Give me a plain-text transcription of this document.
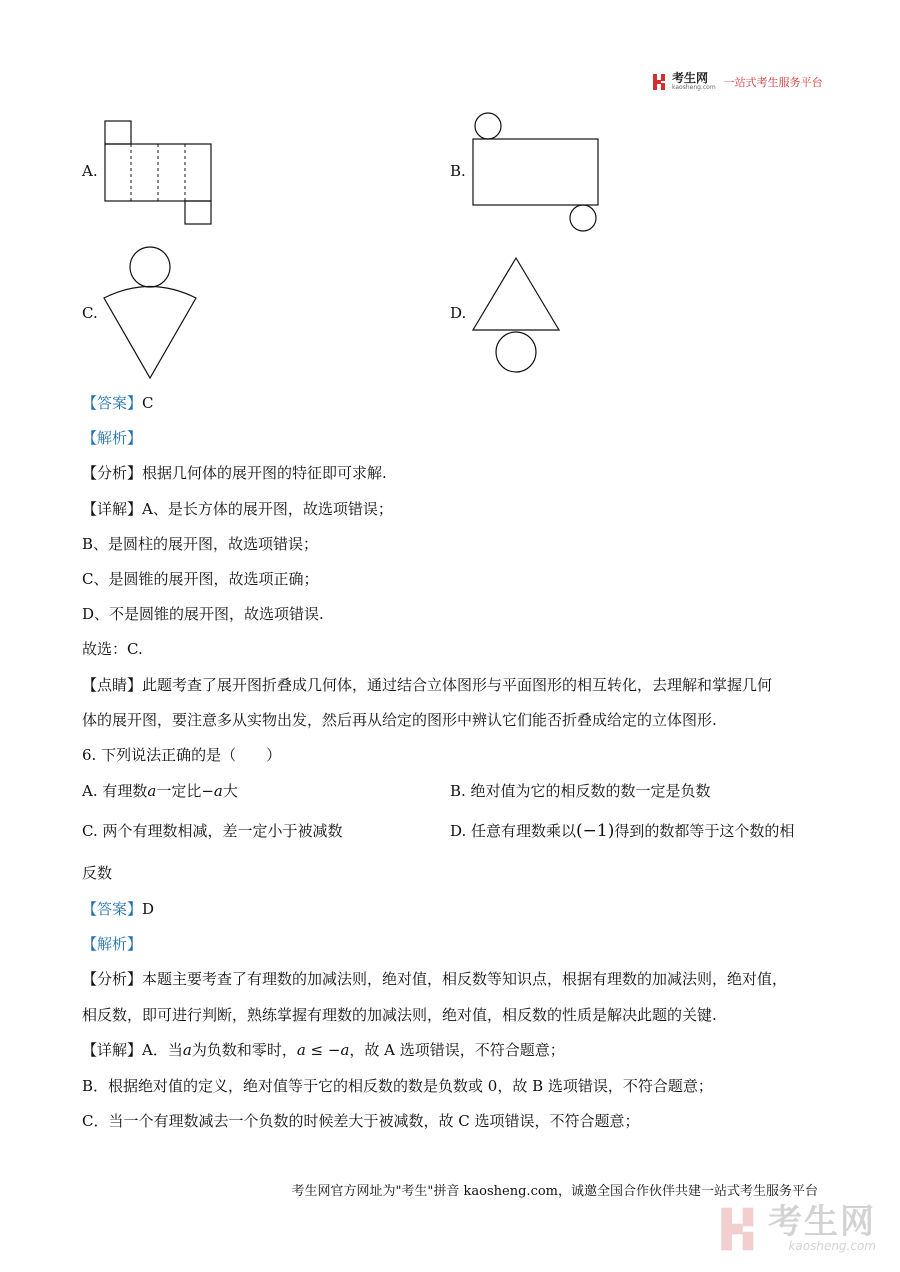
考生网
kaosheng.com 一站式考生服务平台
A.	B.
C.	D.
【答案】C
【解析】
【分析】根据几何体的展开图的特征即可求解.
【详解】A、是长方体的展开图，故选项错误；
B、是圆柱的展开图，故选项错误；
C、是圆锥的展开图，故选项正确；
D、不是圆锥的展开图，故选项错误.
故选：C.
【点睛】此题考查了展开图折叠成几何体，通过结合立体图形与平面图形的相互转化，去理解和掌握几何
体的展开图，要注意多从实物出发，然后再从给定的图形中辨认它们能否折叠成给定的立体图形.
6. 下列说法正确的是（　　）
A. 有理数a一定比−a大	B. 绝对值为它的相反数的数一定是负数
C. 两个有理数相减，差一定小于被减数	D. 任意有理数乘以(−1)得到的数都等于这个数的相
反数
【答案】D
【解析】
【分析】本题主要考查了有理数的加减法则，绝对值，相反数等知识点，根据有理数的加减法则，绝对值，
相反数，即可进行判断，熟练掌握有理数的加减法则，绝对值，相反数的性质是解决此题的关键.
【详解】A．当a为负数和零时，a ≤ −a，故 A 选项错误，不符合题意；
B．根据绝对值的定义，绝对值等于它的相反数的数是负数或 0，故 B 选项错误，不符合题意；
C．当一个有理数减去一个负数的时候差大于被减数，故 C 选项错误，不符合题意；
考生网官方网址为"考生"拼音 kaosheng.com，诚邀全国合作伙伴共建一站式考生服务平台
考生网
kaosheng.com
